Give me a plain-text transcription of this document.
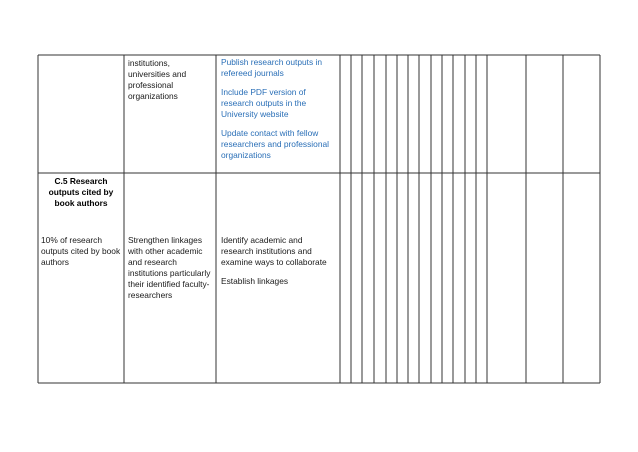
institutions,
universities and
professional
organizations

Publish research outputs in refereed journals

Include PDF version of research outputs in the University website

Update contact with fellow researchers and professional organizations

C.5 Research outputs cited by book authors
10% of research outputs cited by book authors
Strengthen linkages with other academic and research institutions particularly their identified faculty-researchers

Identify academic and research institutions and examine ways to collaborate

Establish linkages
